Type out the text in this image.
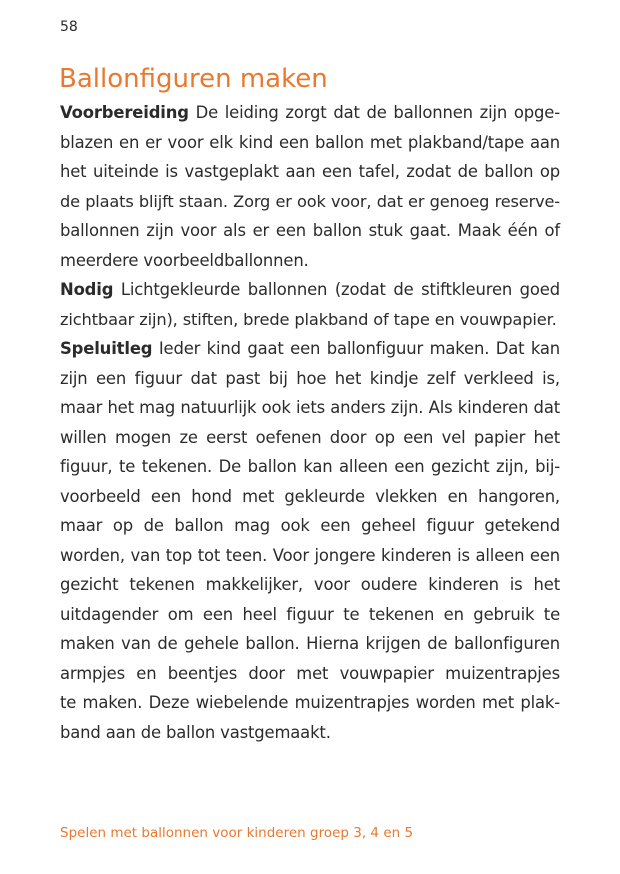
58
Ballonfiguren maken
Voorbereiding De leiding zorgt dat de ballonnen zijn opge-
blazen en er voor elk kind een ballon met plakband/tape aan
het uiteinde is vastgeplakt aan een tafel, zodat de ballon op
de plaats blijft staan. Zorg er ook voor, dat er genoeg reserve-
ballonnen zijn voor als er een ballon stuk gaat. Maak één of
meerdere voorbeeldballonnen.
Nodig Lichtgekleurde ballonnen (zodat de stiftkleuren goed
zichtbaar zijn), stiften, brede plakband of tape en vouwpapier.
Speluitleg Ieder kind gaat een ballonfiguur maken. Dat kan
zijn een figuur dat past bij hoe het kindje zelf verkleed is,
maar het mag natuurlijk ook iets anders zijn. Als kinderen dat
willen mogen ze eerst oefenen door op een vel papier het
figuur, te tekenen. De ballon kan alleen een gezicht zijn, bij-
voorbeeld een hond met gekleurde vlekken en hangoren,
maar op de ballon mag ook een geheel figuur getekend
worden, van top tot teen. Voor jongere kinderen is alleen een
gezicht tekenen makkelijker, voor oudere kinderen is het
uitdagender om een heel figuur te tekenen en gebruik te
maken van de gehele ballon. Hierna krijgen de ballonfiguren
armpjes en beentjes door met vouwpapier muizentrapjes
te maken. Deze wiebelende muizentrapjes worden met plak-
band aan de ballon vastgemaakt.
Spelen met ballonnen voor kinderen groep 3, 4 en 5
